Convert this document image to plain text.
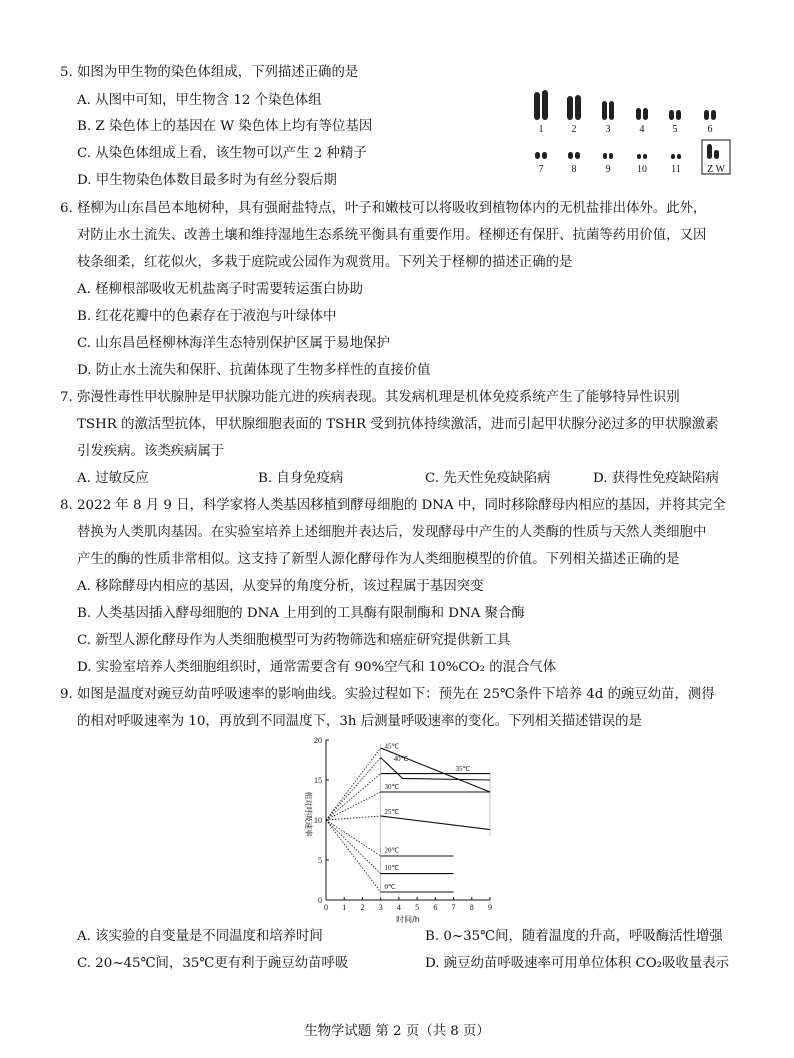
5. 如图为甲生物的染色体组成，下列描述正确的是
A. 从图中可知，甲生物含 12 个染色体组
B. Z 染色体上的基因在 W 染色体上均有等位基因
C. 从染色体组成上看，该生物可以产生 2 种精子
D. 甲生物染色体数目最多时为有丝分裂后期
1	2	3	4	5	6
7	8	9	10 11	Z W
6. 柽柳为山东昌邑本地树种，具有强耐盐特点，叶子和嫩枝可以将吸收到植物体内的无机盐排出体外。此外，
对防止水土流失、改善土壤和维持湿地生态系统平衡具有重要作用。柽柳还有保肝、抗菌等药用价值，又因
枝条细柔，红花似火，多栽于庭院或公园作为观赏用。下列关于柽柳的描述正确的是
A. 柽柳根部吸收无机盐离子时需要转运蛋白协助
B. 红花花瓣中的色素存在于液泡与叶绿体中
C. 山东昌邑柽柳林海洋生态特别保护区属于易地保护
D. 防止水土流失和保肝、抗菌体现了生物多样性的直接价值
7. 弥漫性毒性甲状腺肿是甲状腺功能亢进的疾病表现。其发病机理是机体免疫系统产生了能够特异性识别
TSHR 的激活型抗体，甲状腺细胞表面的 TSHR 受到抗体持续激活，进而引起甲状腺分泌过多的甲状腺激素
引发疾病。该类疾病属于
A. 过敏反应	B. 自身免疫病	C. 先天性免疫缺陷病	D. 获得性免疫缺陷病
8. 2022 年 8 月 9 日，科学家将人类基因移植到酵母细胞的 DNA 中，同时移除酵母内相应的基因，并将其完全
替换为人类肌肉基因。在实验室培养上述细胞并表达后，发现酵母中产生的人类酶的性质与天然人类细胞中
产生的酶的性质非常相似。这支持了新型人源化酵母作为人类细胞模型的价值。下列相关描述正确的是
A. 移除酵母内相应的基因，从变异的角度分析，该过程属于基因突变
B. 人类基因插入酵母细胞的 DNA 上用到的工具酶有限制酶和 DNA 聚合酶
C. 新型人源化酵母作为人类细胞模型可为药物筛选和癌症研究提供新工具
D. 实验室培养人类细胞组织时，通常需要含有 90%空气和 10%CO₂ 的混合气体
9. 如图是温度对豌豆幼苗呼吸速率的影响曲线。实验过程如下：预先在 25℃条件下培养 4d 的豌豆幼苗，测得
的相对呼吸速率为 10，再放到不同温度下，3h 后测量呼吸速率的变化。下列相关描述错误的是
0 1 2 3 4 5 6 7 8 9
0
5
10
15
20
45℃
40℃
35℃
30℃
25℃
20℃
10℃
0℃
相对呼吸速率
时间/h
A. 该实验的自变量是不同温度和培养时间	B. 0~35℃间，随着温度的升高，呼吸酶活性增强
C. 20~45℃间，35℃更有利于豌豆幼苗呼吸	D. 豌豆幼苗呼吸速率可用单位体积 CO₂吸收量表示
生物学试题 第 2 页（共 8 页）
